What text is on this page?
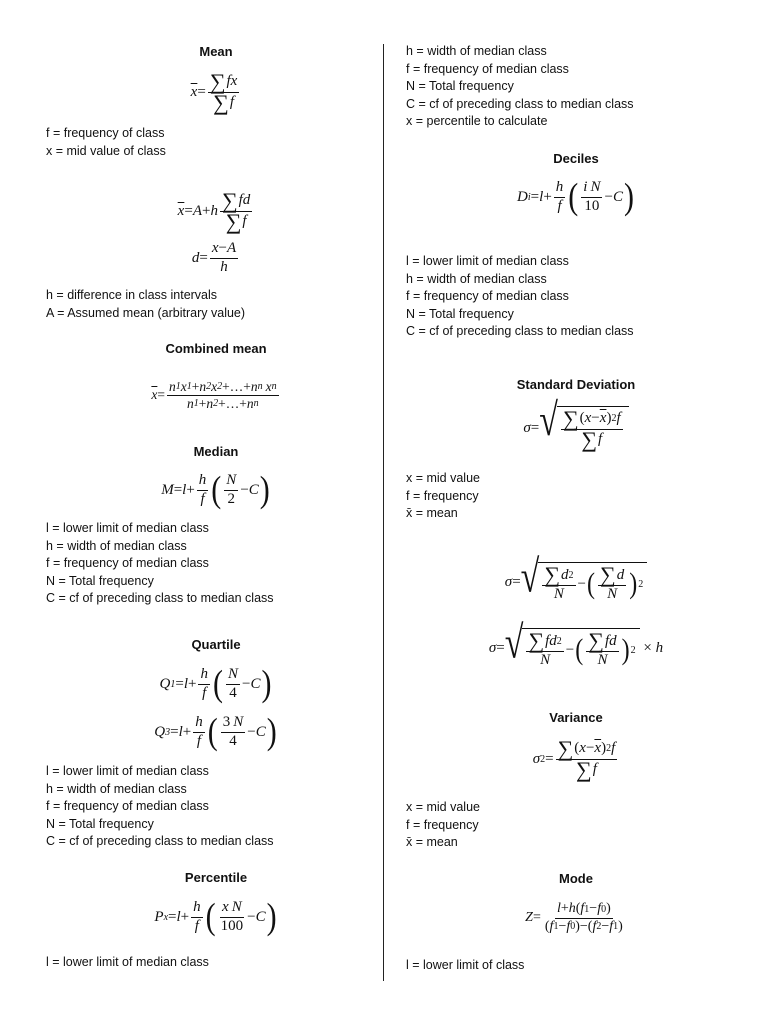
Mean
$\overline{x} = \frac{\sum fx}{\sum f}$
f = frequency of class
x = mid value of class
$\overline{x} = A + h \frac{\sum fd}{\sum f}$
$d = \frac{x - A}{h}$
h = difference in class intervals
A = Assumed mean (arbitrary value)
Combined mean
$\overline{x} = \frac{\text{n 1 x 1 + n 2 x 2 +…+ n n x n}}{\text{n 1 + n 2 +…+ n n}}$
Median
$M = l + \frac{h}{f}$ ( $\frac{N}{2} - C$ )
l = lower limit of median class
h = width of median class
f = frequency of median class
N = Total frequency
C = cf of preceding class to median class
Quartile
Q $1 = l + \frac{h}{f}$ ( $\frac{N}{4} - C$ )
Q $3 = l + \frac{h}{f}$ ( $\frac{3 N}{4} - C$ )
l = lower limit of median class
h = width of median class
f = frequency of median class
N = Total frequency
C = cf of preceding class to median class
Percentile
P $x = l + \frac{h}{f}$ ( $\frac{\text{x N}}{100} - C$ )
l = lower limit of median class
h = width of median class
f = frequency of median class
N = Total frequency
C = cf of preceding class to median class
x = percentile to calculate
Deciles
D $i = l + \frac{h}{f}$ ( $\frac{\text{i N}}{10} - C$ )
l = lower limit of median class
h = width of median class
f = frequency of median class
N = Total frequency
C = cf of preceding class to median class
Standard Deviation
σ = √ $\frac{\sum ( x - \overline{x} ) 2 f}{\sum f}$
x = mid value
f = frequency
x̄ = mean
σ = √ $\frac{\sum d 2}{N}$ − ( $\frac{\sum d}{N}$ ) 2
σ = √ $\frac{\sum fd 2}{N}$ − ( $\frac{\sum fd}{N}$ ) 2 × h
Variance
σ $2 = \frac{\sum ( x - \overline{x} ) 2 f}{\sum f}$
x = mid value
f = frequency
x̄ = mean
Mode
$Z = \frac{l + h ( f 1 - f 0 )}{( f 1 - f 0 )-( f 2 - f 1 )}$
l = lower limit of class
